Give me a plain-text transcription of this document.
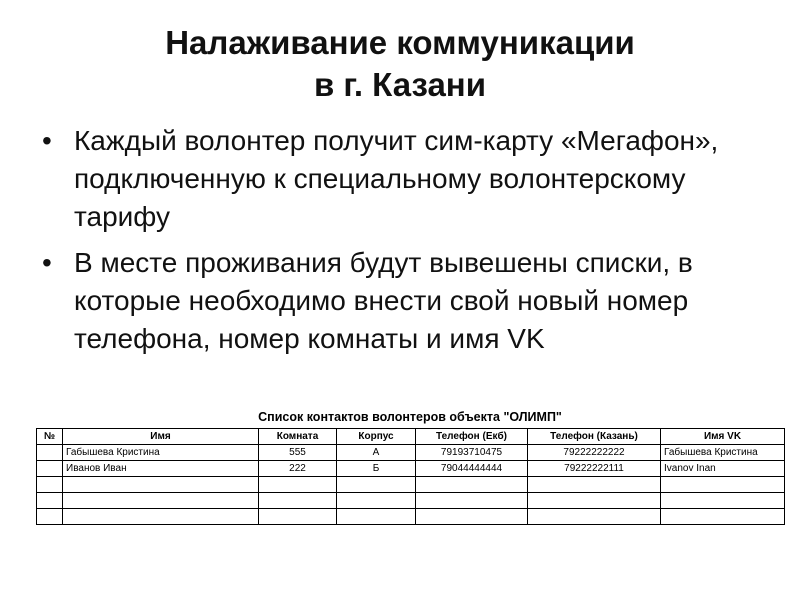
Налаживание коммуникации
в г. Казани
• Каждый волонтер получит сим-карту «Мегафон», подключенную к специальному волонтерскому тарифу
• В месте проживания будут вывешены списки, в которые необходимо внести свой новый номер телефона, номер комнаты и имя VK
Список контактов волонтеров объекта "ОЛИМП"
№	Имя	Комната	Корпус	Телефон (Екб)	Телефон (Казань)	Имя VK
	Габышева Кристина	555	А	79193710475	79222222222	Габышева Кристина
	Иванов Иван	222	Б	79044444444	79222222111	Ivanov Inan
